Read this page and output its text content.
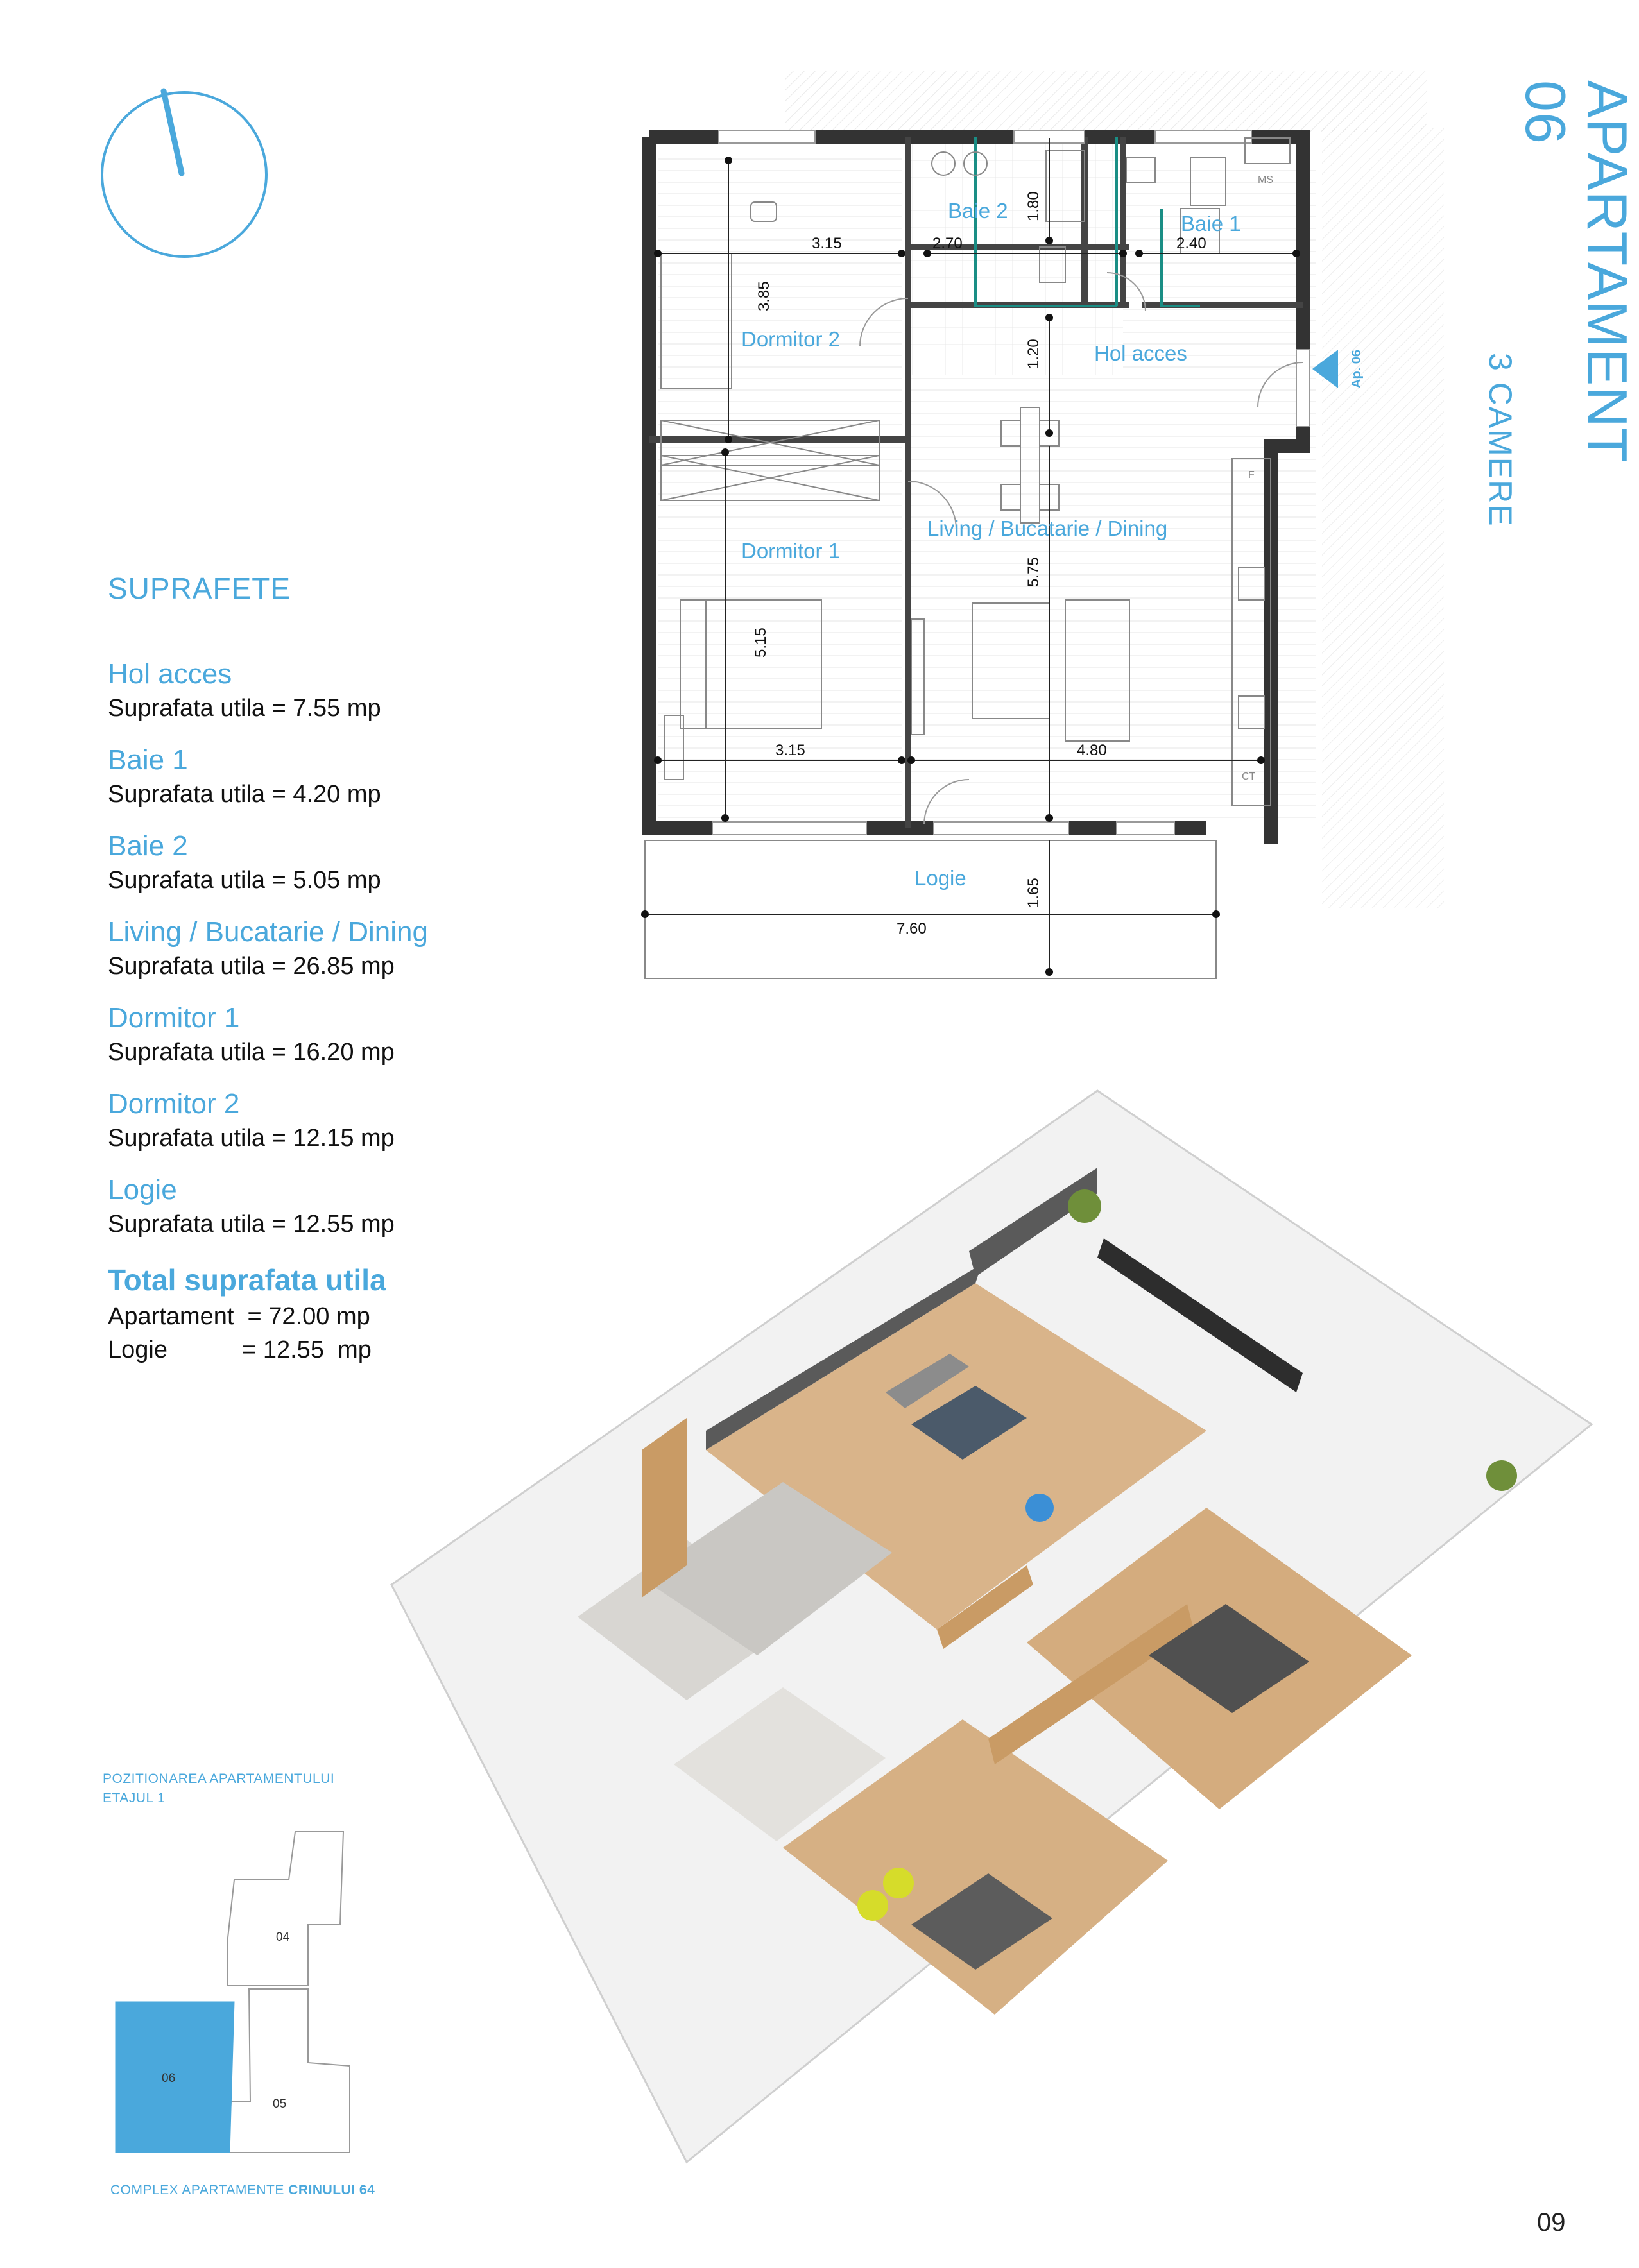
APARTAMENT 06
3 CAMERE
Dormitor 2
Dormitor 1
Baie 2
Baie 1
Hol acces
Living / Bucatarie / Dining
Logie
3.15	2.70	2.40
3.15	4.80
7.60
3.85
1.80
1.20
5.75
5.15
1.65
MS
F
CT
Ap. 06
SUPRAFETE
Hol acces
Suprafata utila = 7.55 mp
Baie 1
Suprafata utila = 4.20 mp
Baie 2
Suprafata utila = 5.05 mp
Living / Bucatarie / Dining
Suprafata utila = 26.85 mp
Dormitor 1
Suprafata utila = 16.20 mp
Dormitor 2
Suprafata utila = 12.15 mp
Logie
Suprafata utila = 12.55 mp
Total suprafata utila
Apartament  = 72.00 mp
Logie           = 12.55  mp
POZITIONAREA APARTAMENTULUI
ETAJUL 1
04
06
05
COMPLEX APARTAMENTE CRINULUI 64
09
